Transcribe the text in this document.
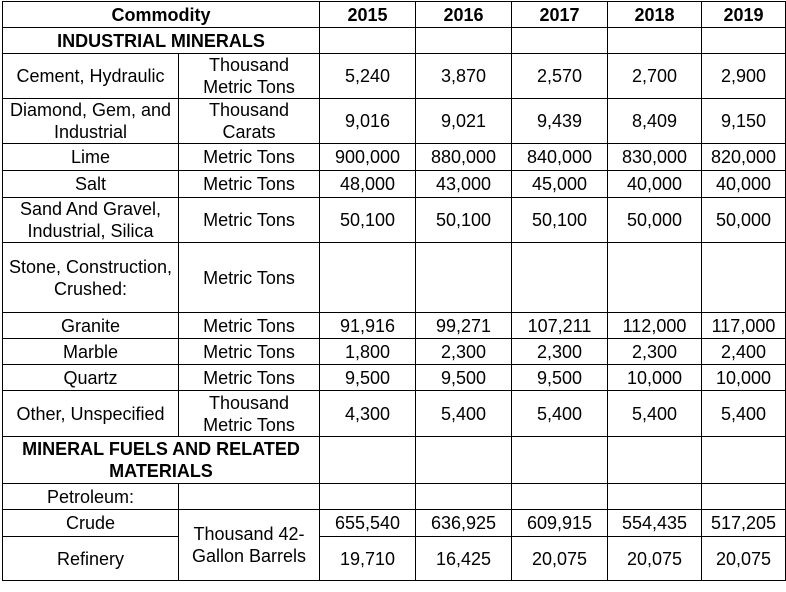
Commodity		2015	2016	2017	2018	2019
INDUSTRIAL MINERALS						
Cement, Hydraulic	Thousand Metric Tons	5,240	3,870	2,570	2,700	2,900
Diamond, Gem, and Industrial	Thousand Carats	9,016	9,021	9,439	8,409	9,150
Lime	Metric Tons	900,000	880,000	840,000	830,000	820,000
Salt	Metric Tons	48,000	43,000	45,000	40,000	40,000
Sand And Gravel, Industrial, Silica	Metric Tons	50,100	50,100	50,100	50,000	50,000
Stone, Construction, Crushed:	Metric Tons					
Granite	Metric Tons	91,916	99,271	107,211	112,000	117,000
Marble	Metric Tons	1,800	2,300	2,300	2,300	2,400
Quartz	Metric Tons	9,500	9,500	9,500	10,000	10,000
Other, Unspecified	Thousand Metric Tons	4,300	5,400	5,400	5,400	5,400
MINERAL FUELS AND RELATED MATERIALS						
Petroleum:						
Crude	Thousand 42-Gallon Barrels	655,540	636,925	609,915	554,435	517,205
Refinery		19,710	16,425	20,075	20,075	20,075
